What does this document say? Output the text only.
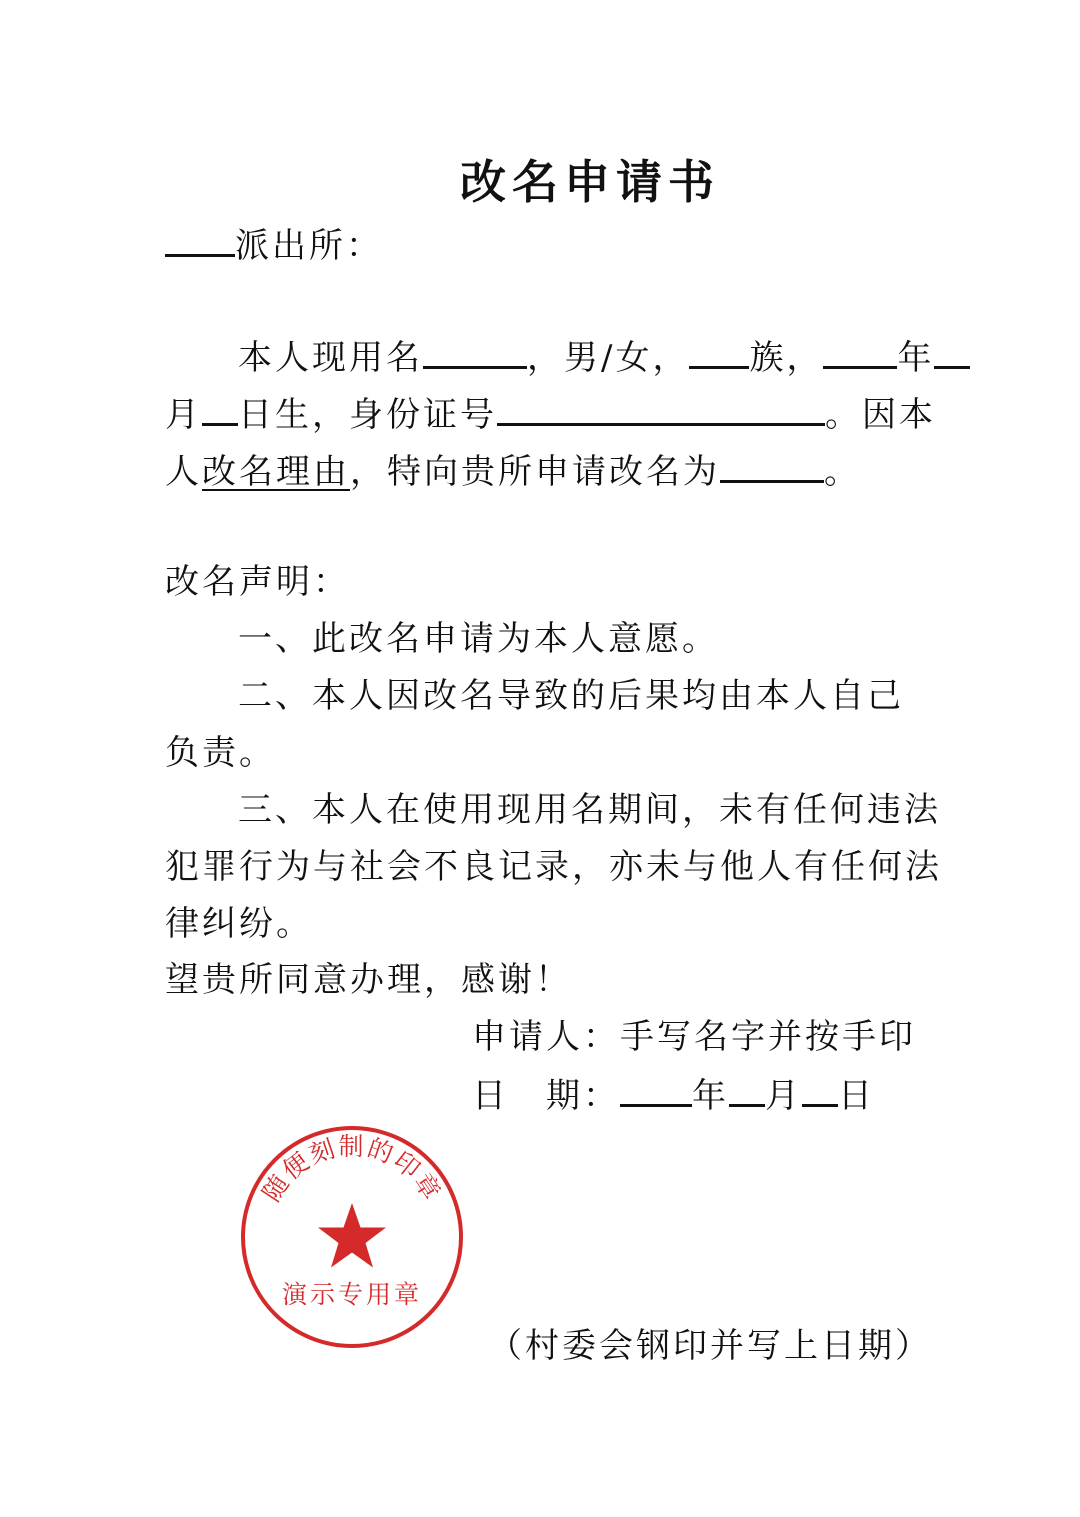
改名申请书
派出所：
本人现用名	，男/女， 族， 年
月 日生，身份证号	。因本
人改名理由，特向贵所申请改名为	。
改名声明：
一、此改名申请为本人意愿。
二、本人因改名导致的后果均由本人自己
负责。
三、本人在使用现用名期间，未有任何违法
犯罪行为与社会不良记录，亦未与他人有任何法
律纠纷。
望贵所同意办理，感谢！
申请人：手写名字并按手印
日　期： 年 月 日
随便刻制的印章
演示专用章
（村委会钢印并写上日期）
